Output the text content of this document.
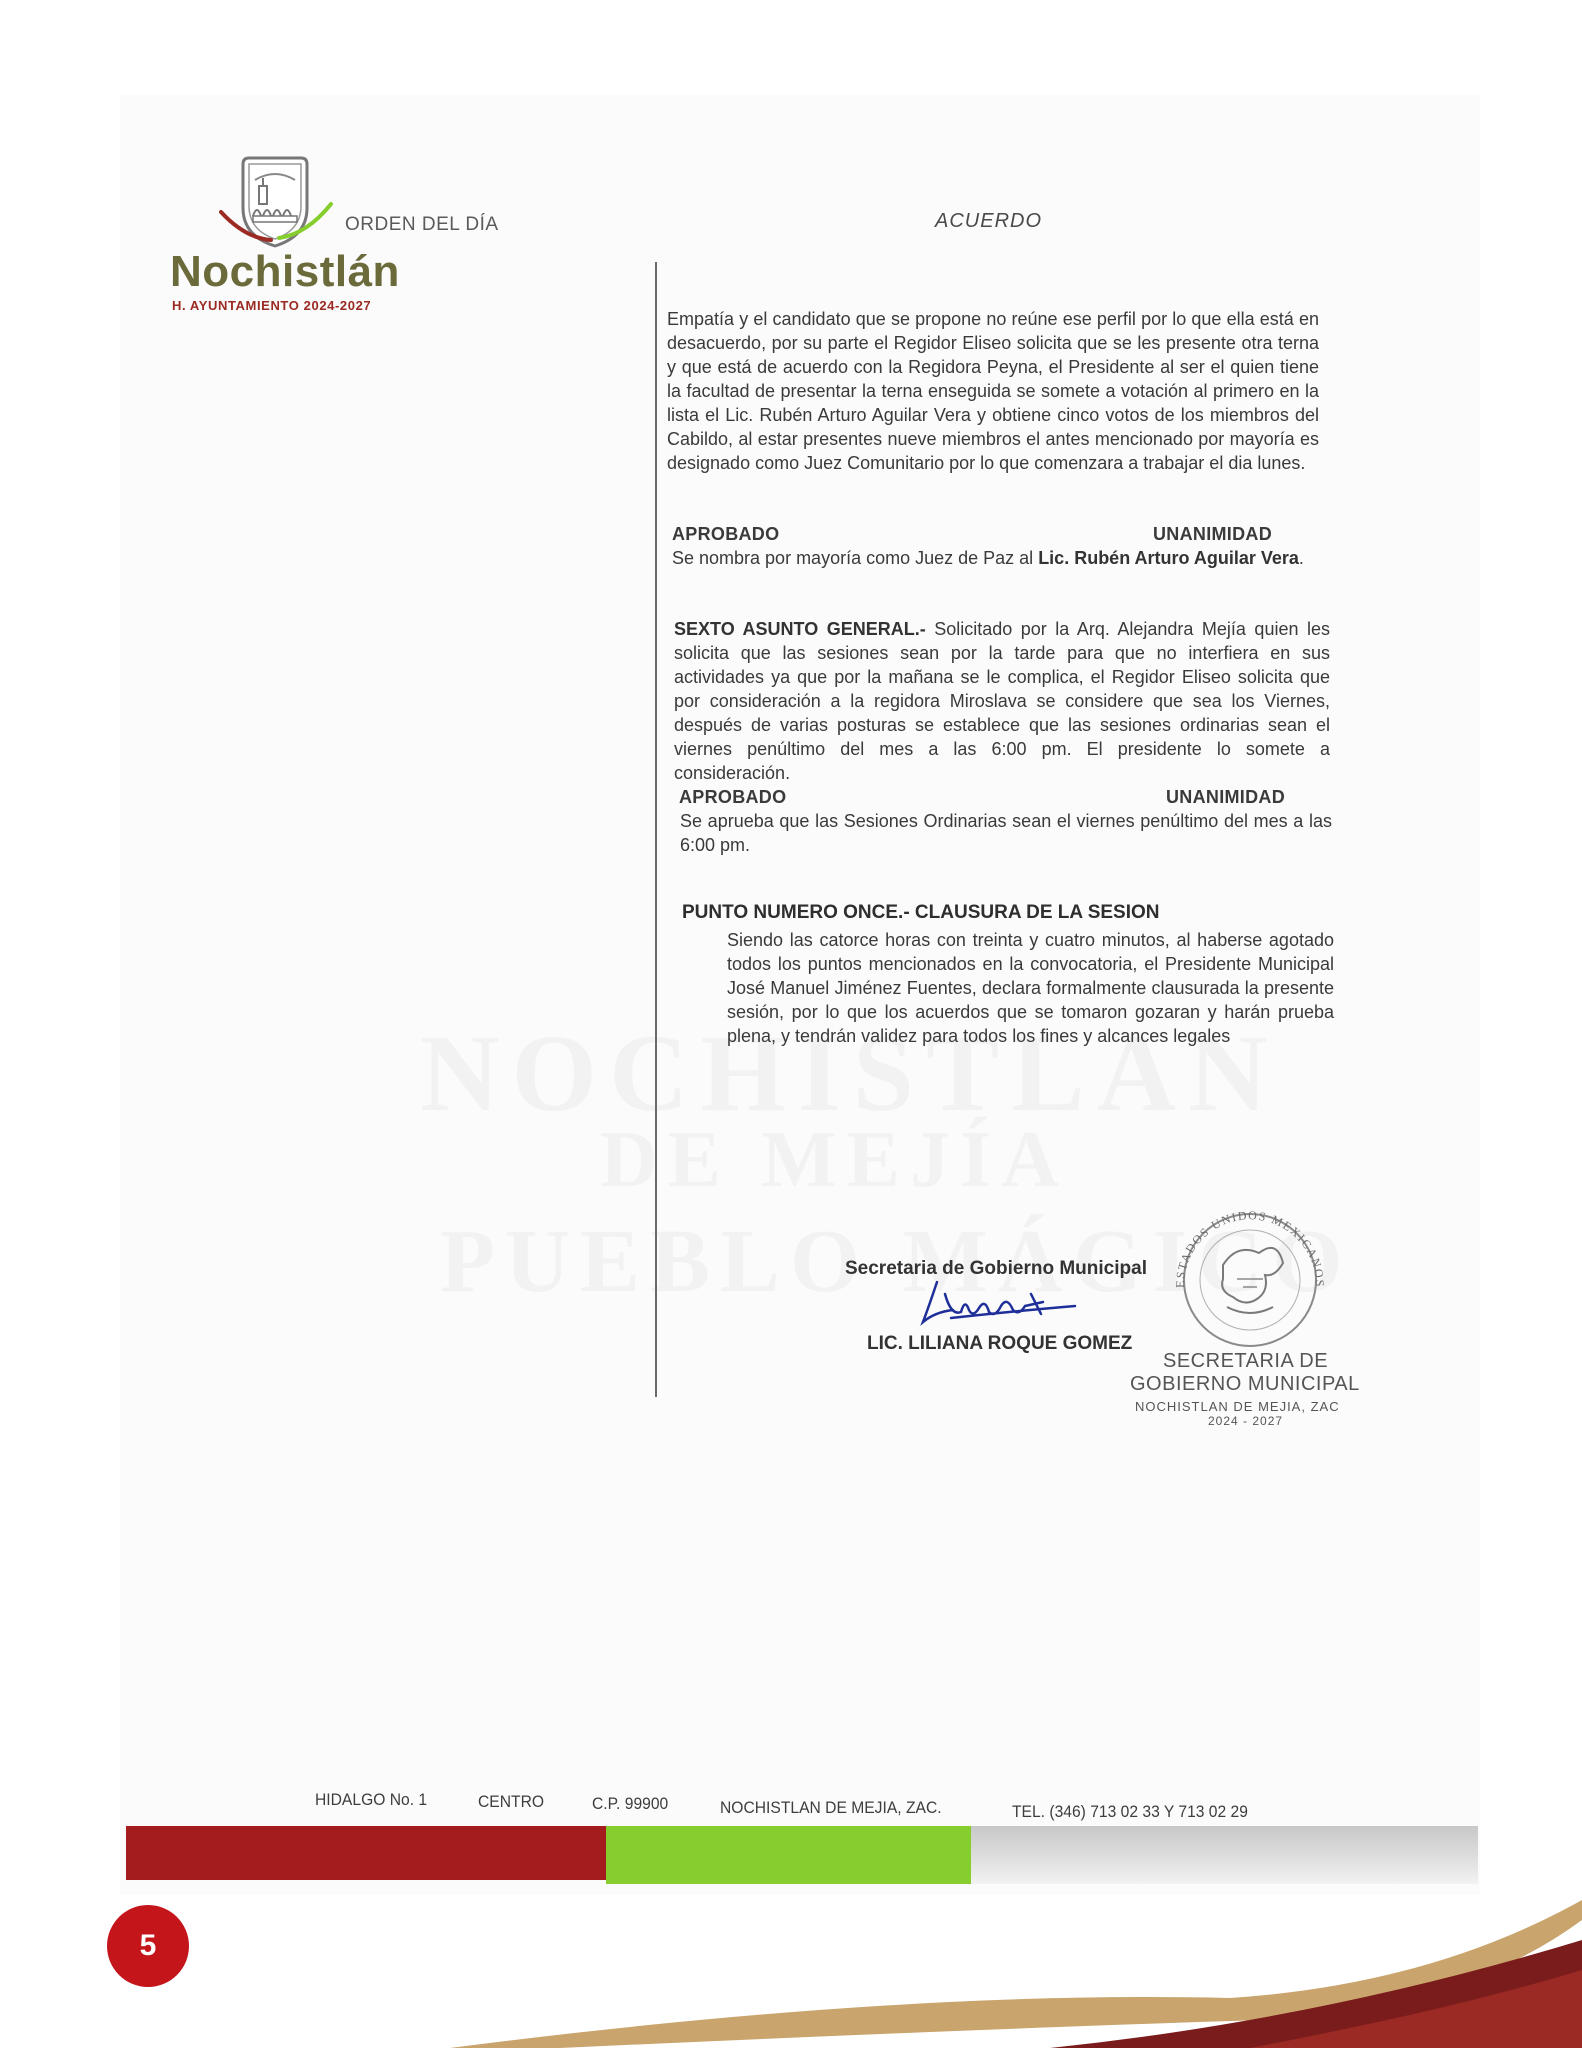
ORDEN DEL DÍA
Nochistlán
H. AYUNTAMIENTO 2024-2027
ACUERDO
Empatía y el candidato que se propone no reúne ese perfil por lo que ella está en desacuerdo, por su parte el Regidor Eliseo solicita que se les presente otra terna y que está de acuerdo con la Regidora Peyna, el Presidente al ser el quien tiene la facultad de presentar la terna enseguida se somete a votación al primero en la lista el Lic. Rubén Arturo Aguilar Vera y obtiene cinco votos de los miembros del Cabildo, al estar presentes nueve miembros el antes mencionado por mayoría es designado como Juez Comunitario por lo que comenzara a trabajar el dia lunes.
APROBADO	UNANIMIDAD
Se nombra por mayoría como Juez de Paz al Lic. Rubén Arturo Aguilar Vera.
SEXTO ASUNTO GENERAL.- Solicitado por la Arq. Alejandra Mejía quien les solicita que las sesiones sean por la tarde para que no interfiera en sus actividades ya que por la mañana se le complica, el Regidor Eliseo solicita que por consideración a la regidora Miroslava se considere que sea los Viernes, después de varias posturas se establece que las sesiones ordinarias sean el viernes penúltimo del mes a las 6:00 pm. El presidente lo somete a consideración.
APROBADO	UNANIMIDAD
Se aprueba que las Sesiones Ordinarias sean el viernes penúltimo del mes a las 6:00 pm.
PUNTO NUMERO ONCE.- CLAUSURA DE LA SESION
Siendo las catorce horas con treinta y cuatro minutos, al haberse agotado todos los puntos mencionados en la convocatoria, el Presidente Municipal José Manuel Jiménez Fuentes, declara formalmente clausurada la presente sesión, por lo que los acuerdos que se tomaron gozaran y harán prueba plena, y tendrán validez para todos los fines y alcances legales
Secretaria de Gobierno Municipal
LIC. LILIANA ROQUE GOMEZ
ESTADOS UNIDOS MEXICANOS
SECRETARIA DE
GOBIERNO MUNICIPAL
NOCHISTLAN DE MEJIA, ZAC
2024 - 2027
HIDALGO No. 1	CENTRO	C.P. 99900	NOCHISTLAN DE MEJIA, ZAC.	TEL. (346) 713 02 33 Y 713 02 29
5
